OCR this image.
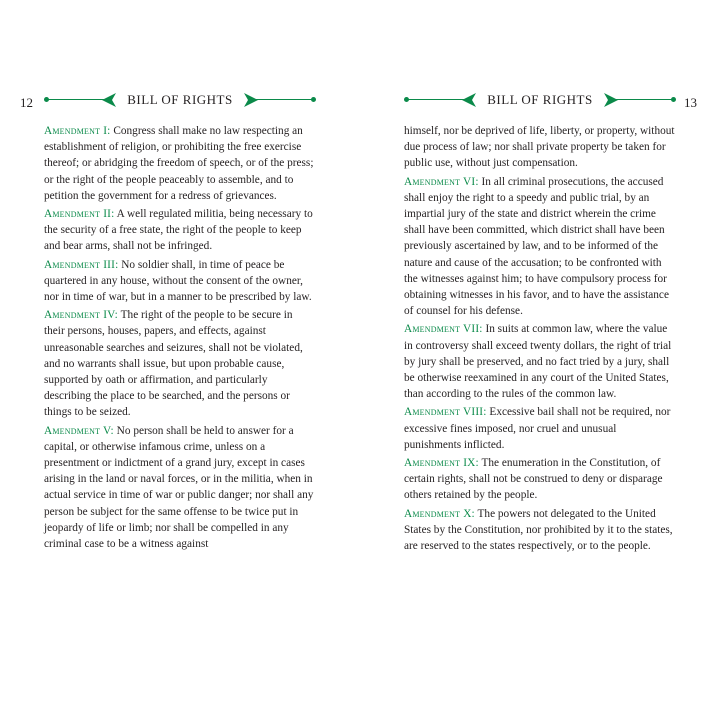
12	BILL OF RIGHTS

Amendment I: Congress shall make no law respecting an establishment of religion, or prohibiting the free exercise thereof; or abridging the freedom of speech, or of the press; or the right of the people peaceably to assemble, and to petition the government for a redress of grievances.

Amendment II: A well regulated militia, being necessary to the security of a free state, the right of the people to keep and bear arms, shall not be infringed.

Amendment III: No soldier shall, in time of peace be quartered in any house, without the consent of the owner, nor in time of war, but in a manner to be prescribed by law.

Amendment IV: The right of the people to be secure in their persons, houses, papers, and effects, against unreasonable searches and seizures, shall not be violated, and no warrants shall issue, but upon probable cause, supported by oath or affirmation, and particularly describing the place to be searched, and the persons or things to be seized.

Amendment V: No person shall be held to answer for a capital, or otherwise infamous crime, unless on a presentment or indictment of a grand jury, except in cases arising in the land or naval forces, or in the militia, when in actual service in time of war or public danger; nor shall any person be subject for the same offense to be twice put in jeopardy of life or limb; nor shall be compelled in any criminal case to be a witness against

13
BILL OF RIGHTS

himself, nor be deprived of life, liberty, or property, without due process of law; nor shall private property be taken for public use, without just compensation.

Amendment VI: In all criminal prosecutions, the accused shall enjoy the right to a speedy and public trial, by an impartial jury of the state and district wherein the crime shall have been committed, which district shall have been previously ascertained by law, and to be informed of the nature and cause of the accusation; to be confronted with the witnesses against him; to have compulsory process for obtaining witnesses in his favor, and to have the assistance of counsel for his defense.

Amendment VII: In suits at common law, where the value in controversy shall exceed twenty dollars, the right of trial by jury shall be preserved, and no fact tried by a jury, shall be otherwise reexamined in any court of the United States, than according to the rules of the common law.

Amendment VIII: Excessive bail shall not be required, nor excessive fines imposed, nor cruel and unusual punishments inflicted.

Amendment IX: The enumeration in the Constitution, of certain rights, shall not be construed to deny or disparage others retained by the people.

Amendment X: The powers not delegated to the United States by the Constitution, nor prohibited by it to the states, are reserved to the states respectively, or to the people.
